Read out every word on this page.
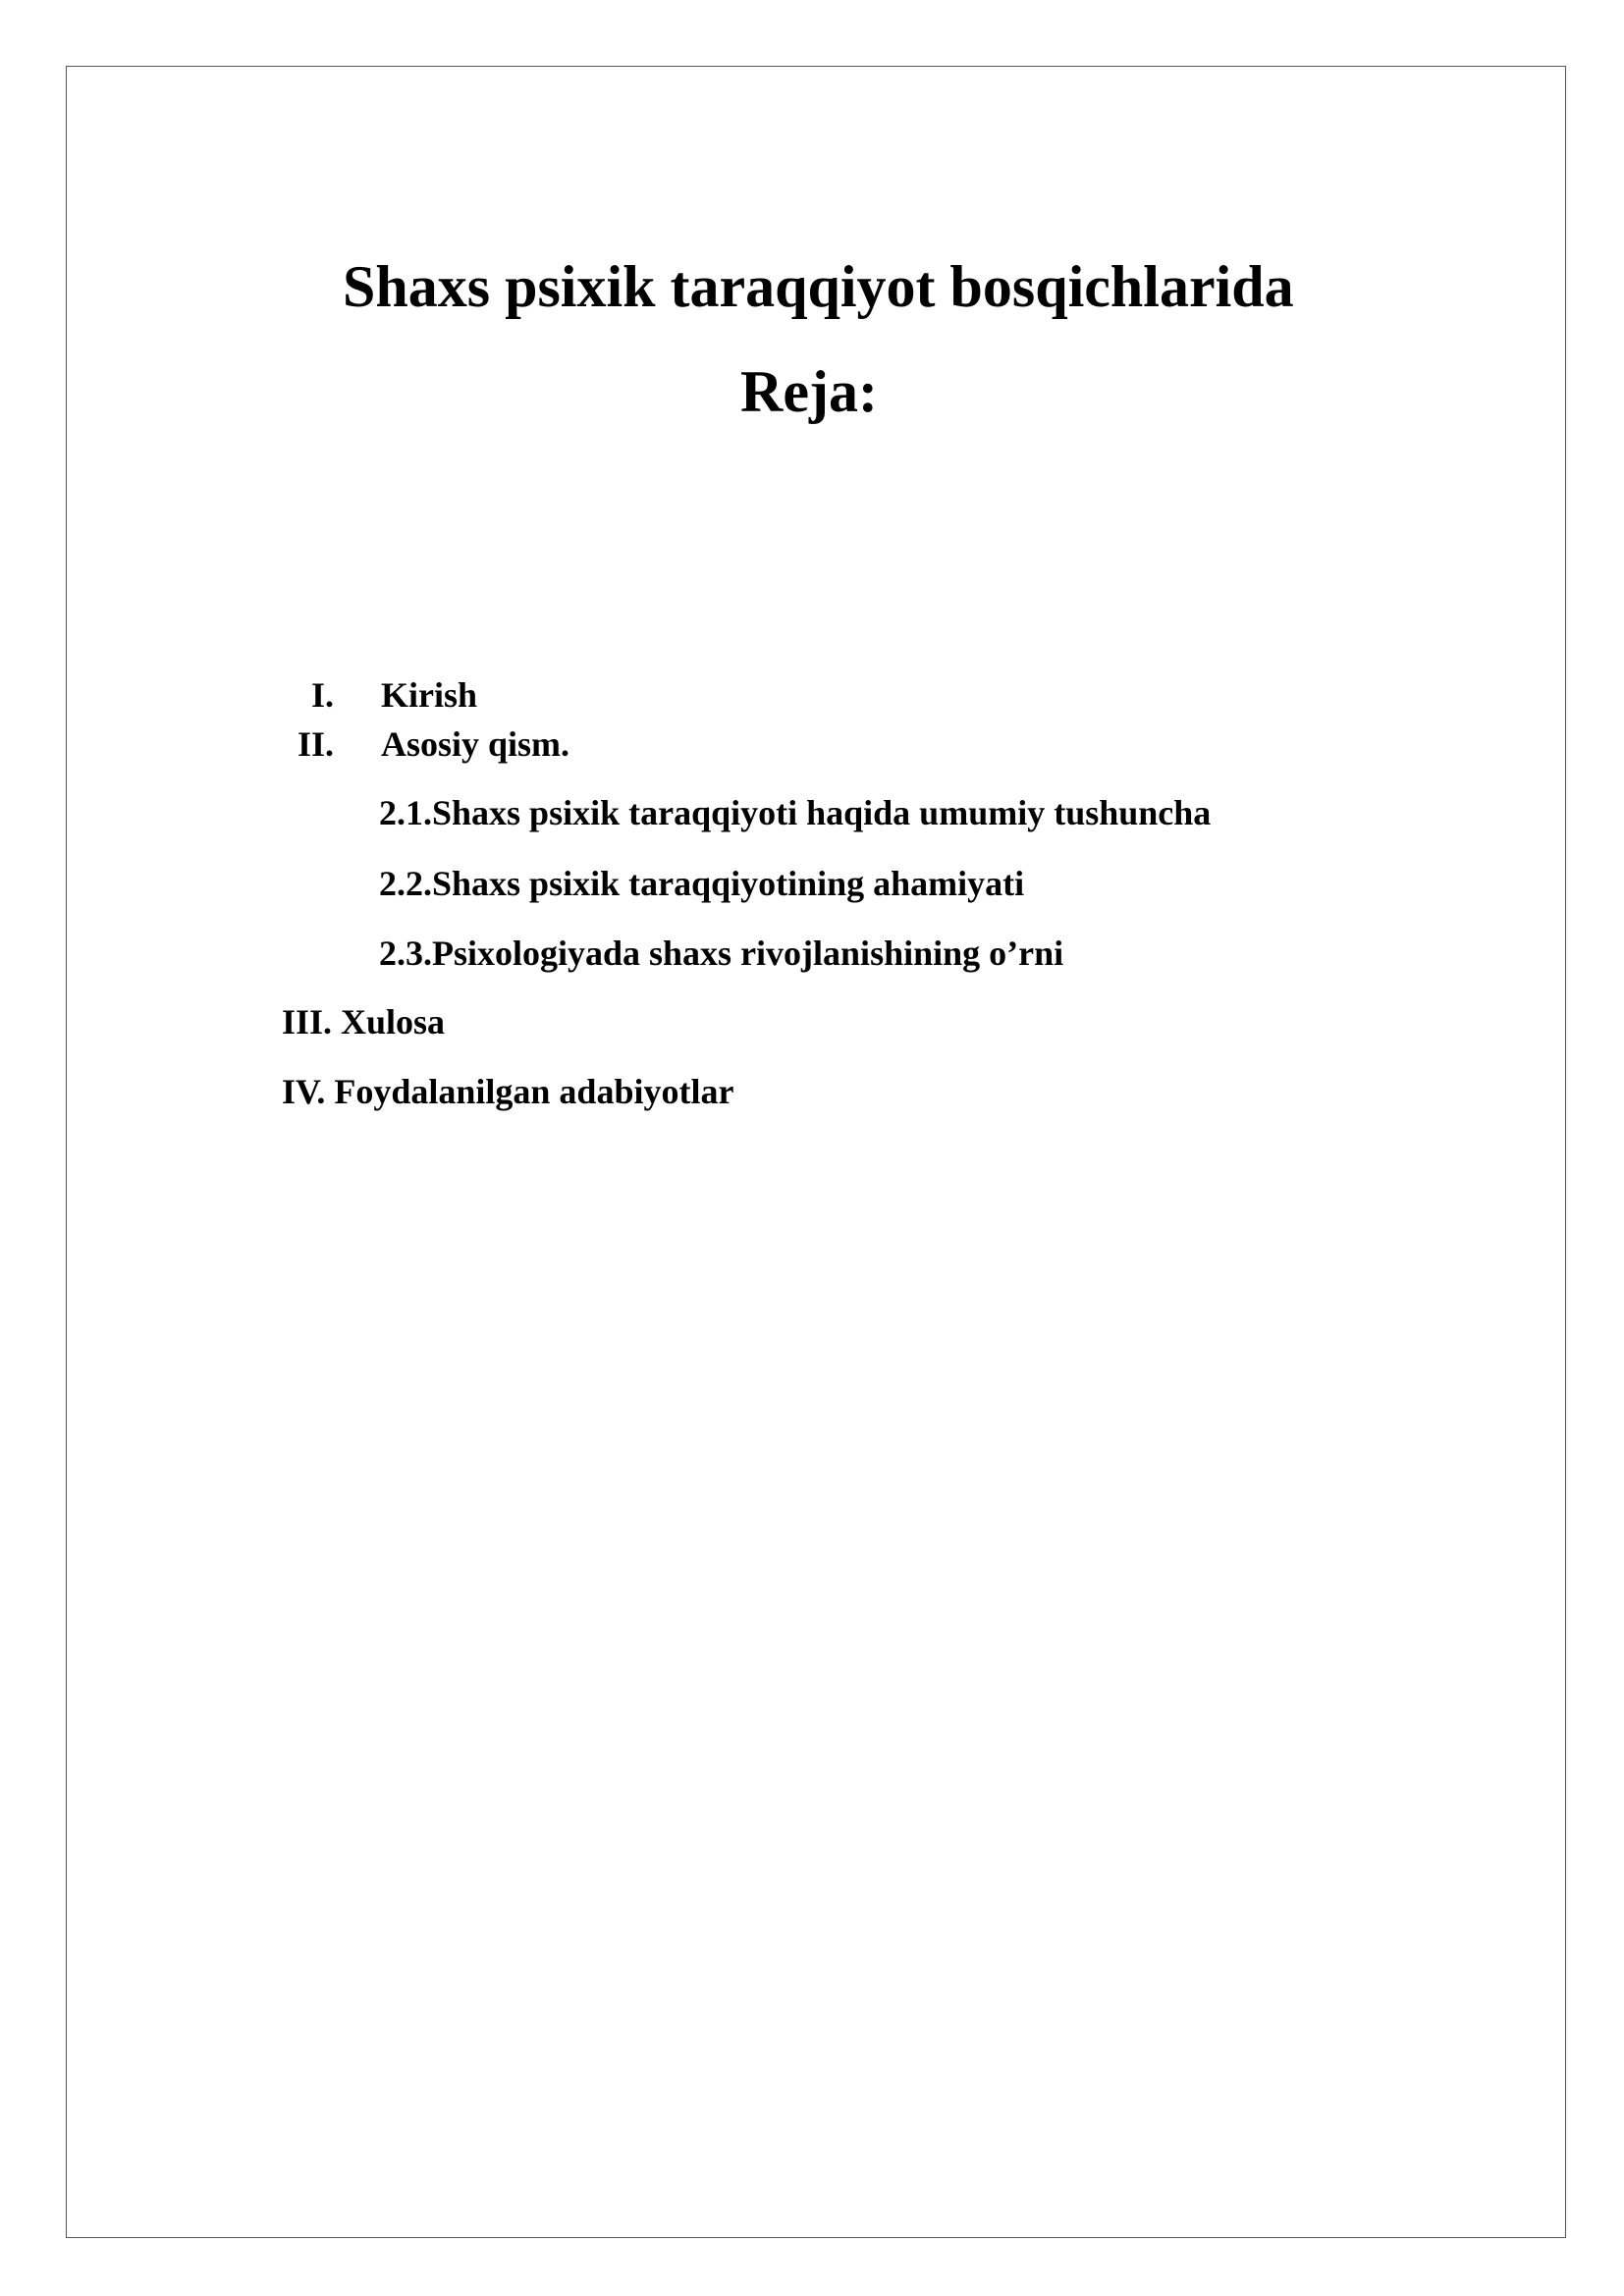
Shaxs psixik taraqqiyot bosqichlarida
Reja:
I. Kirish
II. Asosiy qism.
2.1.Shaxs psixik taraqqiyoti haqida umumiy tushuncha
2.2.Shaxs psixik taraqqiyotining ahamiyati
2.3.Psixologiyada shaxs rivojlanishining o’rni
III. Xulosa
IV. Foydalanilgan adabiyotlar
